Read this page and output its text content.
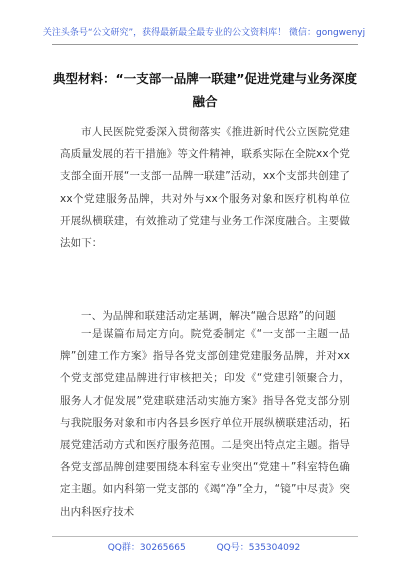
关注头条号“公文研究”，获得最新最全最专业的公文资料库！ 微信：gongwenyj
典型材料：“一支部一品牌一联建”促进党建与业务深度融合
市人民医院党委深入贯彻落实《推进新时代公立医院党建高质量发展的若干措施》等文件精神，联系实际在全院xx个党支部全面开展“一支部一品牌一联建”活动，xx个支部共创建了xx个党建服务品牌，共对外与xx个服务对象和医疗机构单位开展纵横联建，有效推动了党建与业务工作深度融合。主要做法如下：
一、为品牌和联建活动定基调，解决“融合思路”的问题
一是谋篇布局定方向。院党委制定《“一支部一主题一品牌”创建工作方案》指导各党支部创建党建服务品牌，并对xx个党支部党建品牌进行审核把关；印发《“党建引领聚合力，服务人才促发展”党建联建活动实施方案》指导各党支部分别与我院服务对象和市内各县乡医疗单位开展纵横联建活动，拓展党建活动方式和医疗服务范围。二是突出特点定主题。指导各党支部品牌创建要围绕本科室专业突出“党建＋”科室特色确定主题。如内科第一党支部的《竭“净”全力，“镜”中尽责》突出内科医疗技术
QQ群：30265665	QQ号：535304092
